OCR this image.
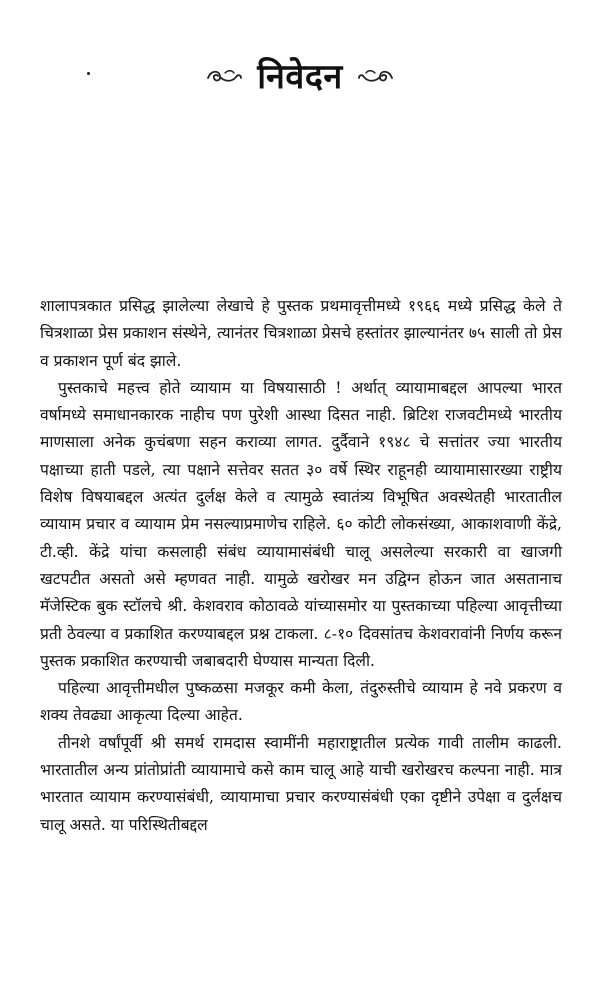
निवेदन

शालापत्रकात प्रसिद्ध झालेल्या लेखाचे हे पुस्तक प्रथमावृत्तीमध्ये १९६६ मध्ये प्रसिद्ध केले ते चित्रशाळा प्रेस प्रकाशन संस्थेने, त्यानंतर चित्रशाळा प्रेसचे हस्तांतर झाल्यानंतर ७५ साली तो प्रेस व प्रकाशन पूर्ण बंद झाले.

पुस्तकाचे महत्त्व होते व्यायाम या विषयासाठी ! अर्थात् व्यायामाबद्दल आपल्या भारत वर्षामध्ये समाधानकारक नाहीच पण पुरेशी आस्था दिसत नाही. ब्रिटिश राजवटीमध्ये भारतीय माणसाला अनेक कुचंबणा सहन कराव्या लागत. दुर्दैवाने १९४८ चे सत्तांतर ज्या भारतीय पक्षाच्या हाती पडले, त्या पक्षाने सत्तेवर सतत ३० वर्षे स्थिर राहूनही व्यायामासारख्या राष्ट्रीय विशेष विषयाबद्दल अत्यंत दुर्लक्ष केले व त्यामुळे स्वातंत्र्य विभूषित अवस्थेतही भारतातील व्यायाम प्रचार व व्यायाम प्रेम नसल्याप्रमाणेच राहिले. ६० कोटी लोकसंख्या, आकाशवाणी केंद्रे, टी.व्ही. केंद्रे यांचा कसलाही संबंध व्यायामासंबंधी चालू असलेल्या सरकारी वा खाजगी खटपटीत असतो असे म्हणवत नाही. यामुळे खरोखर मन उद्विग्न होऊन जात असतानाच मॅजेस्टिक बुक स्टॉलचे श्री. केशवराव कोठावळे यांच्यासमोर या पुस्तकाच्या पहिल्या आवृत्तीच्या प्रती ठेवल्या व प्रकाशित करण्याबद्दल प्रश्न टाकला. ८-१० दिवसांतच केशवरावांनी निर्णय करून पुस्तक प्रकाशित करण्याची जबाबदारी घेण्यास मान्यता दिली.

पहिल्या आवृत्तीमधील पुष्कळसा मजकूर कमी केला, तंदुरुस्तीचे व्यायाम हे नवे प्रकरण व शक्य तेवढ्या आकृत्या दिल्या आहेत.

तीनशे वर्षांपूर्वी श्री समर्थ रामदास स्वामींनी महाराष्ट्रातील प्रत्येक गावी तालीम काढली. भारतातील अन्य प्रांतोप्रांती व्यायामाचे कसे काम चालू आहे याची खरोखरच कल्पना नाही. मात्र भारतात व्यायाम करण्यासंबंधी, व्यायामाचा प्रचार करण्यासंबंधी एका दृष्टीने उपेक्षा व दुर्लक्षच चालू असते. या परिस्थितीबद्दल
